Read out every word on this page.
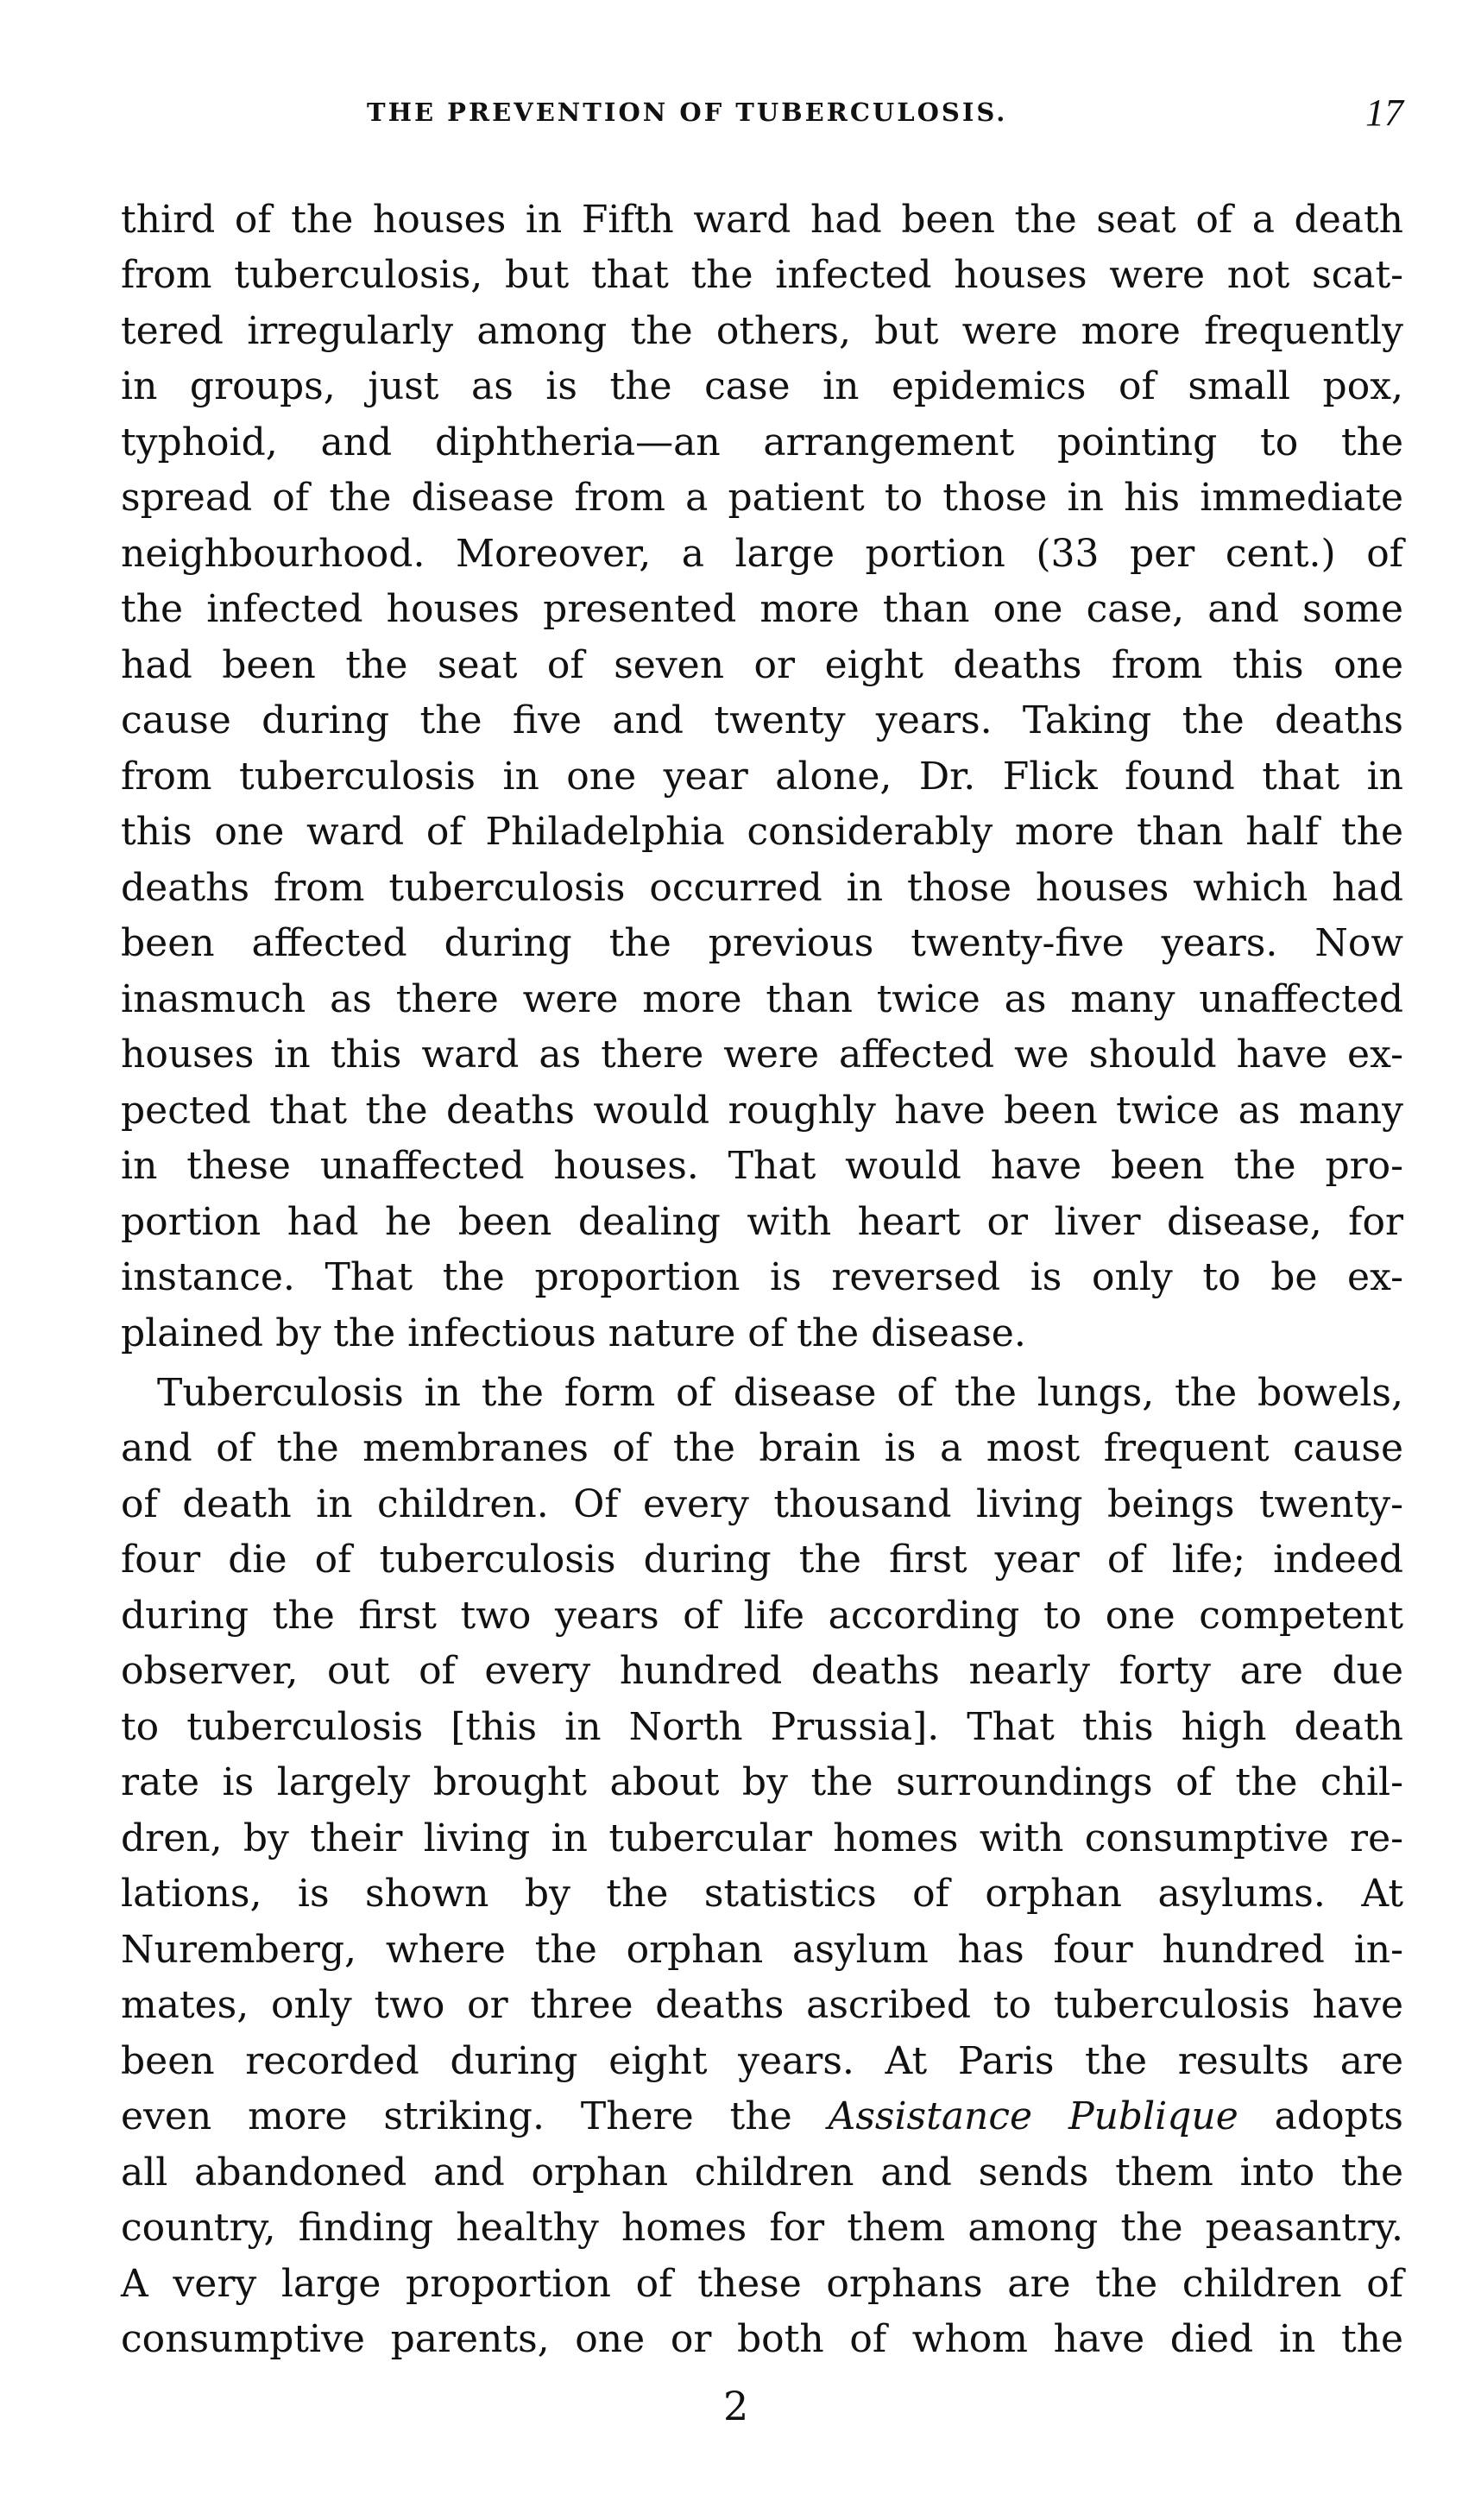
THE PREVENTION OF TUBERCULOSIS.	17
third of the houses in Fifth ward had been the seat of a death
from tuberculosis, but that the infected houses were not scat-
tered irregularly among the others, but were more frequently
in groups, just as is the case in epidemics of small pox,
typhoid, and diphtheria—an arrangement pointing to the
spread of the disease from a patient to those in his immediate
neighbourhood. Moreover, a large portion (33 per cent.) of
the infected houses presented more than one case, and some
had been the seat of seven or eight deaths from this one
cause during the five and twenty years. Taking the deaths
from tuberculosis in one year alone, Dr. Flick found that in
this one ward of Philadelphia considerably more than half the
deaths from tuberculosis occurred in those houses which had
been affected during the previous twenty-five years. Now
inasmuch as there were more than twice as many unaffected
houses in this ward as there were affected we should have ex-
pected that the deaths would roughly have been twice as many
in these unaffected houses. That would have been the pro-
portion had he been dealing with heart or liver disease, for
instance. That the proportion is reversed is only to be ex-
plained by the infectious nature of the disease.
Tuberculosis in the form of disease of the lungs, the bowels,
and of the membranes of the brain is a most frequent cause
of death in children. Of every thousand living beings twenty-
four die of tuberculosis during the first year of life; indeed
during the first two years of life according to one competent
observer, out of every hundred deaths nearly forty are due
to tuberculosis [this in North Prussia]. That this high death
rate is largely brought about by the surroundings of the chil-
dren, by their living in tubercular homes with consumptive re-
lations, is shown by the statistics of orphan asylums. At
Nuremberg, where the orphan asylum has four hundred in-
mates, only two or three deaths ascribed to tuberculosis have
been recorded during eight years. At Paris the results are
even more striking. There the Assistance Publique adopts
all abandoned and orphan children and sends them into the
country, finding healthy homes for them among the peasantry.
A very large proportion of these orphans are the children of
consumptive parents, one or both of whom have died in the
2
